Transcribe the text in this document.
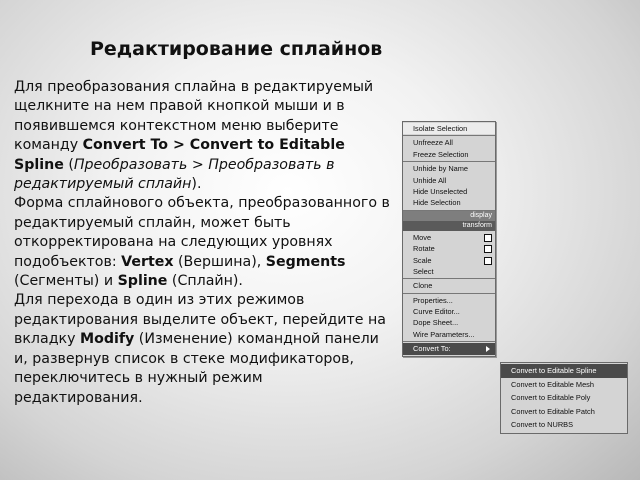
Редактирование сплайнов

Для преобразования сплайна в редактируемый щелкните на нем правой кнопкой мыши и в появившемся контекстном меню выберите команду Convert To > Convert to Editable Spline (Преобразовать > Преобразовать в редактируемый сплайн).

Форма сплайнового объекта, преобразованного в редактируемый сплайн, может быть откорректирована на следующих уровнях подобъектов: Vertex (Вершина), Segments (Сегменты) и Spline (Сплайн).

Для перехода в один из этих режимов редактирования выделите объект, перейдите на вкладку Modify (Изменение) командной панели и, развернув список в стеке модификаторов, переключитесь в нужный режим редактирования.

Isolate Selection
Unfreeze All
Freeze Selection
Unhide by Name
Unhide All
Hide Unselected
Hide Selection
display
transform
Move
Rotate
Scale
Select
Clone
Properties...
Curve Editor...
Dope Sheet...
Wire Parameters...
Convert To:
Convert to Editable Spline
Convert to Editable Mesh
Convert to Editable Poly
Convert to Editable Patch
Convert to NURBS
